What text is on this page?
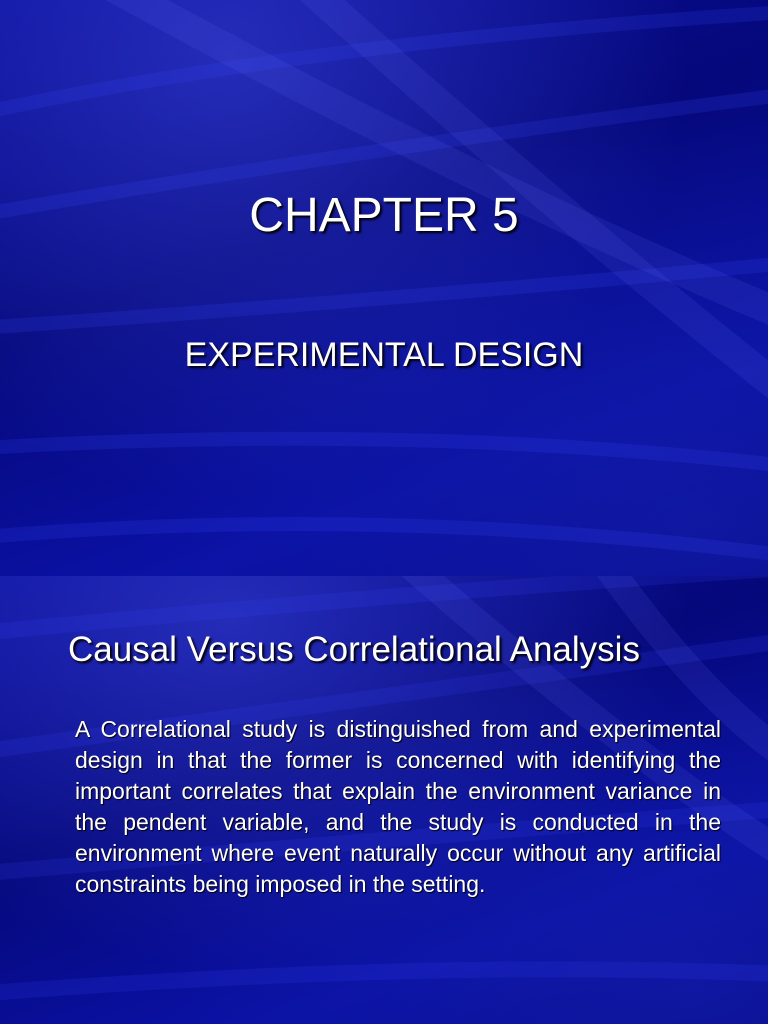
CHAPTER 5
EXPERIMENTAL DESIGN
Causal Versus Correlational Analysis
A Correlational study is distinguished from and experimental design in that the former is concerned with identifying the important correlates that explain the environment variance in the pendent variable, and the study is conducted in the environment where event naturally occur without any artificial constraints being imposed in the setting.
